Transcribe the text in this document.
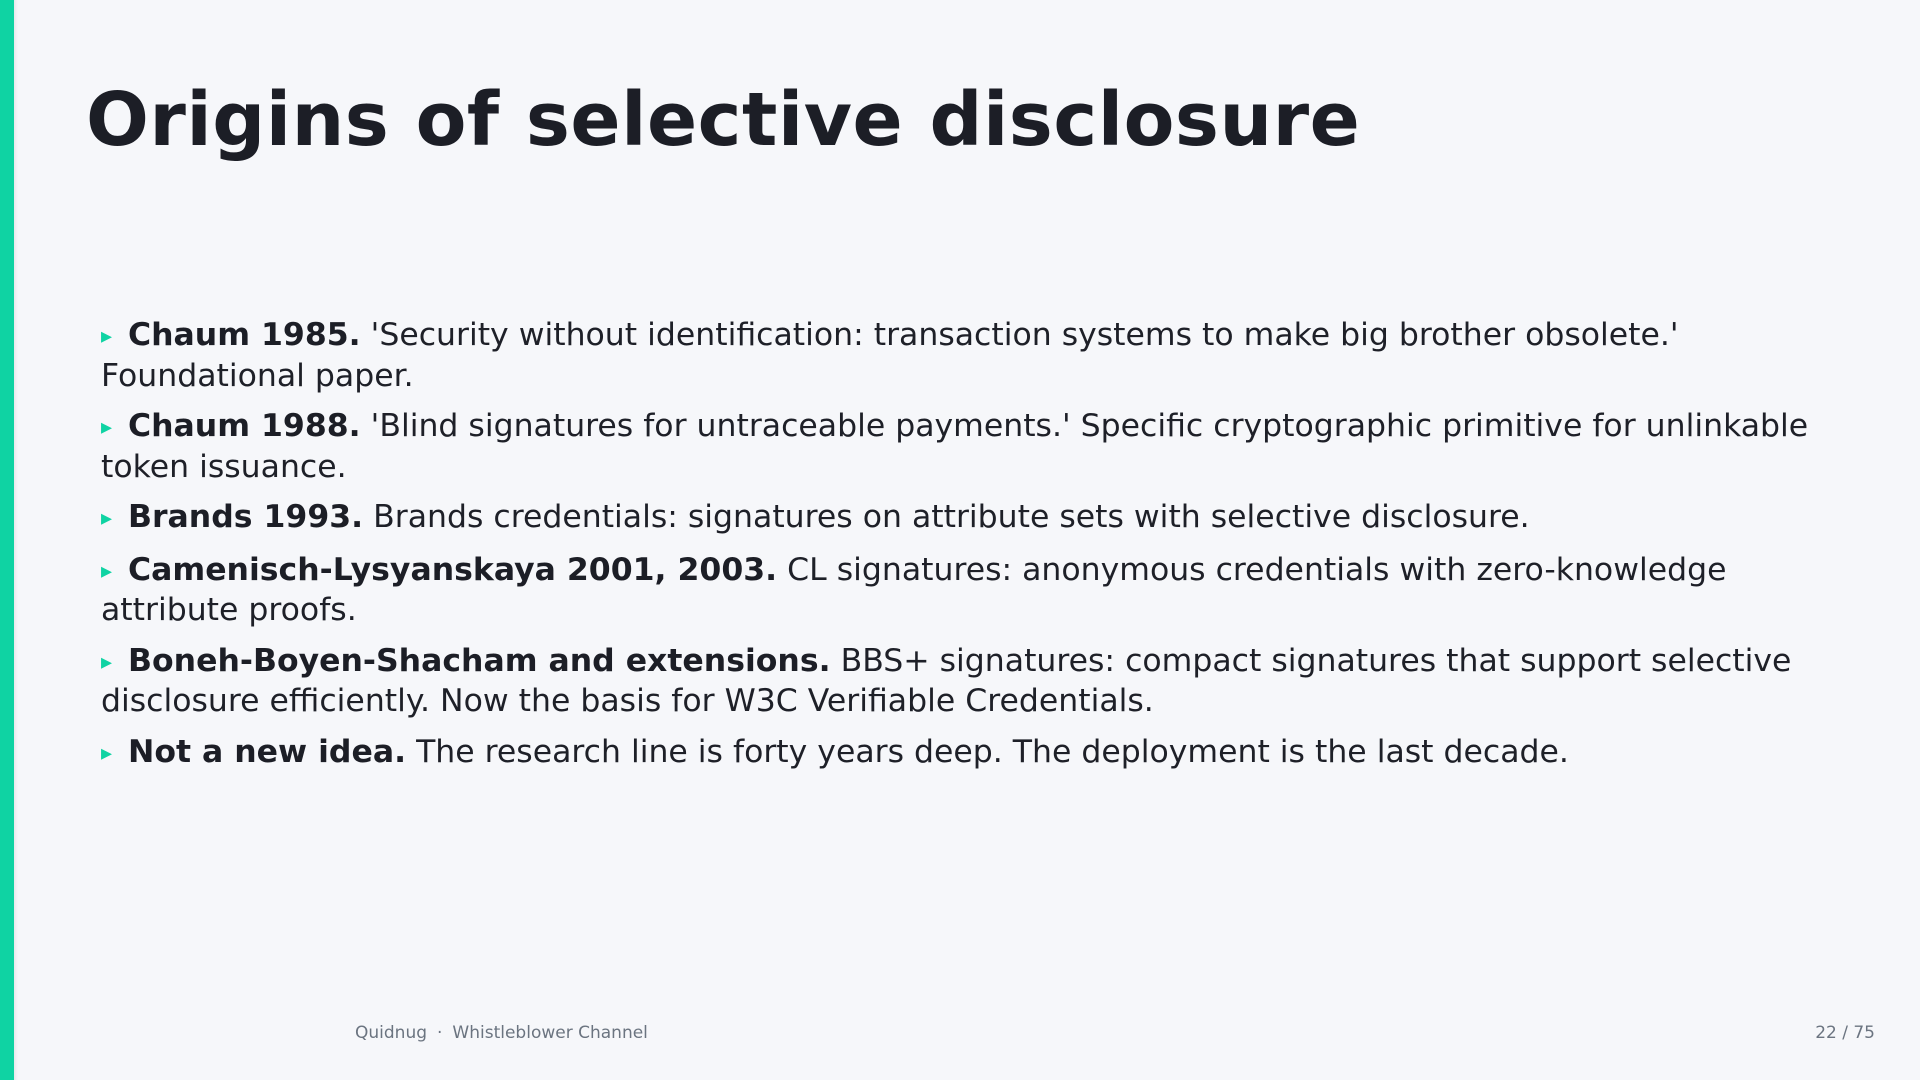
Origins of selective disclosure
▸ Chaum 1985. 'Security without identification: transaction systems to make big brother obsolete.' Foundational paper.
▸ Chaum 1988. 'Blind signatures for untraceable payments.' Specific cryptographic primitive for unlinkable token issuance.
▸ Brands 1993. Brands credentials: signatures on attribute sets with selective disclosure.
▸ Camenisch-Lysyanskaya 2001, 2003. CL signatures: anonymous credentials with zero-knowledge attribute proofs.
▸ Boneh-Boyen-Shacham and extensions. BBS+ signatures: compact signatures that support selective disclosure efficiently. Now the basis for W3C Verifiable Credentials.
▸ Not a new idea. The research line is forty years deep. The deployment is the last decade.
Quidnug · Whistleblower Channel	22 / 75
